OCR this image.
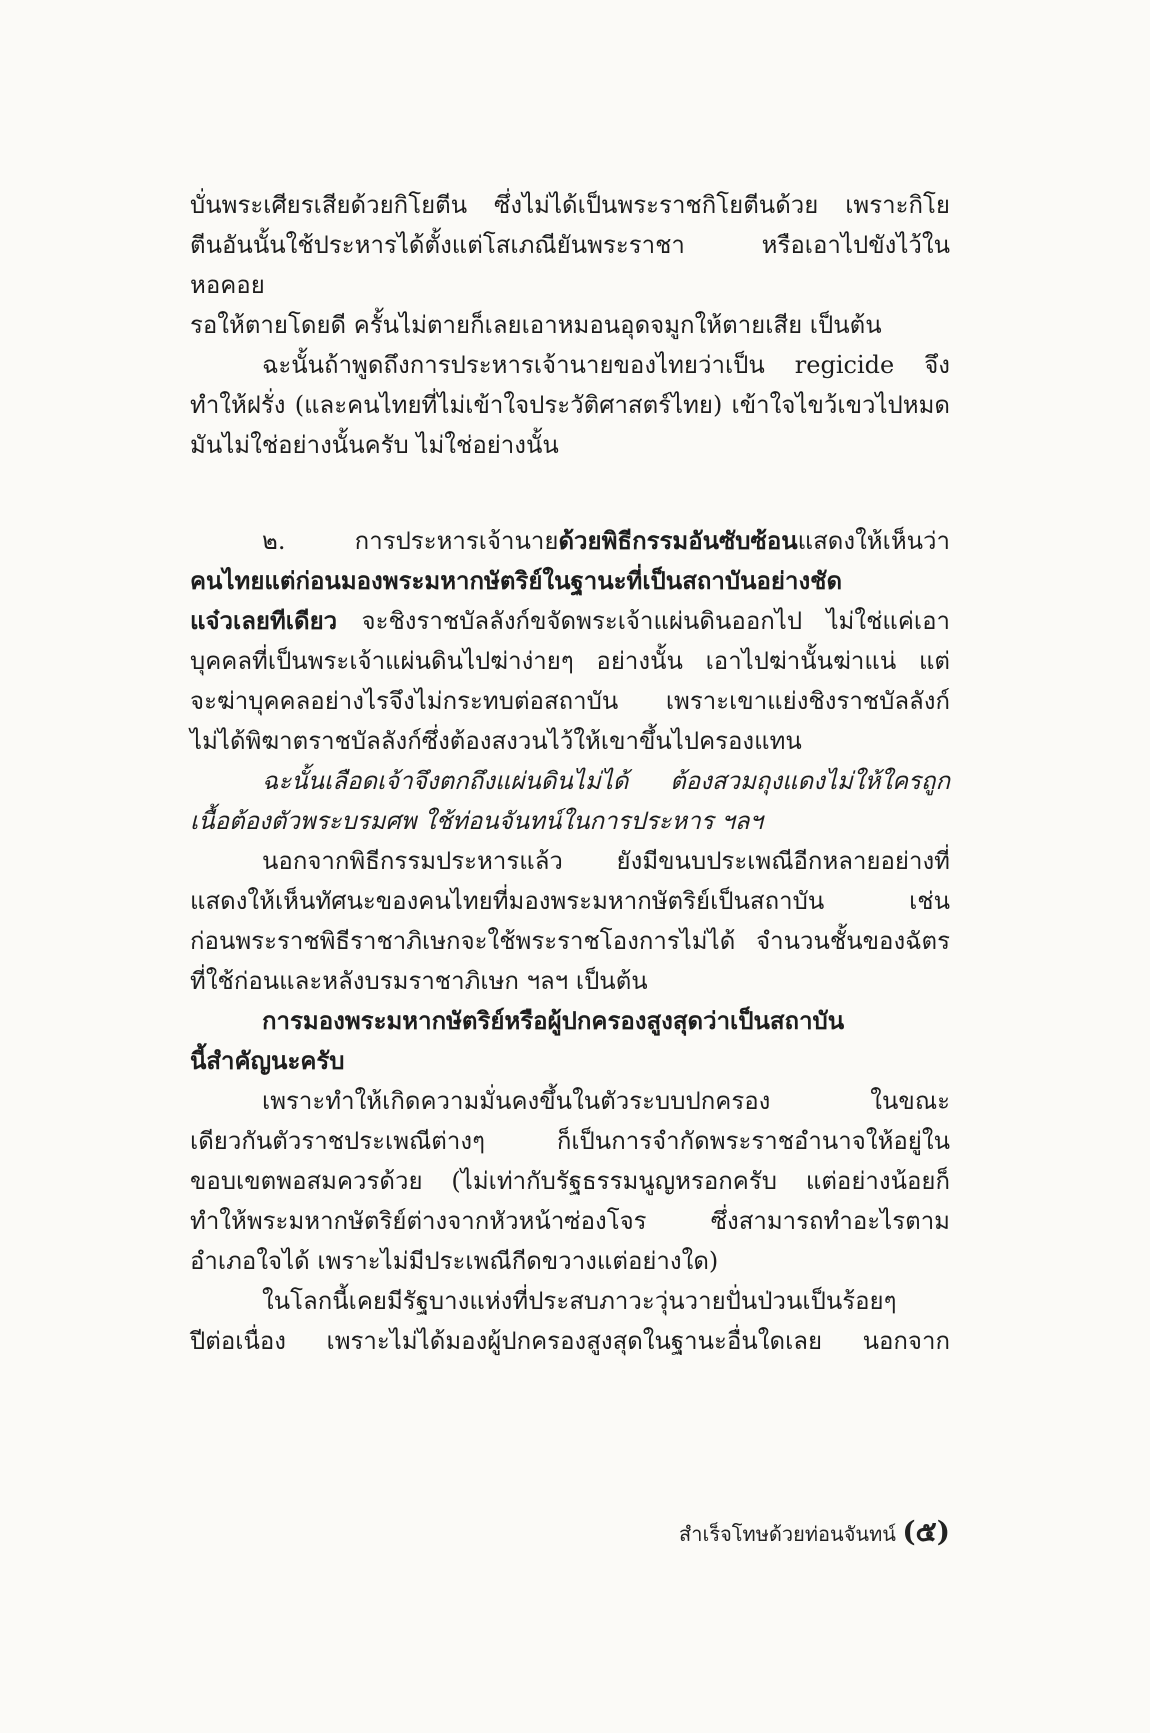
บั่นพระเศียรเสียด้วยกิโยตีน ซึ่งไม่ได้เป็นพระราชกิโยตีนด้วย เพราะกิโย

ตีนอันนั้นใช้ประหารได้ตั้งแต่โสเภณียันพระราชา หรือเอาไปขังไว้ในหอคอย

รอให้ตายโดยดี ครั้นไม่ตายก็เลยเอาหมอนอุดจมูกให้ตายเสีย เป็นต้น

ฉะนั้นถ้าพูดถึงการประหารเจ้านายของไทยว่าเป็น regicide จึง

ทำให้ฝรั่ง (และคนไทยที่ไม่เข้าใจประวัติศาสตร์ไทย) เข้าใจไขว้เขวไปหมด

มันไม่ใช่อย่างนั้นครับ ไม่ใช่อย่างนั้น

๒. การประหารเจ้านายด้วยพิธีกรรมอันซับซ้อนแสดงให้เห็นว่า

คนไทยแต่ก่อนมองพระมหากษัตริย์ในฐานะที่เป็นสถาบันอย่างชัด

แจ๋วเลยทีเดียว จะชิงราชบัลลังก์ขจัดพระเจ้าแผ่นดินออกไป ไม่ใช่แค่เอา

บุคคลที่เป็นพระเจ้าแผ่นดินไปฆ่าง่ายๆ อย่างนั้น เอาไปฆ่านั้นฆ่าแน่ แต่

จะฆ่าบุคคลอย่างไรจึงไม่กระทบต่อสถาบัน เพราะเขาแย่งชิงราชบัลลังก์

ไม่ได้พิฆาตราชบัลลังก์ซึ่งต้องสงวนไว้ให้เขาขึ้นไปครองแทน

ฉะนั้นเลือดเจ้าจึงตกถึงแผ่นดินไม่ได้ ต้องสวมถุงแดงไม่ให้ใครถูก

เนื้อต้องตัวพระบรมศพ ใช้ท่อนจันทน์ในการประหาร ฯลฯ

นอกจากพิธีกรรมประหารแล้ว ยังมีขนบประเพณีอีกหลายอย่างที่

แสดงให้เห็นทัศนะของคนไทยที่มองพระมหากษัตริย์เป็นสถาบัน เช่น

ก่อนพระราชพิธีราชาภิเษกจะใช้พระราชโองการไม่ได้ จำนวนชั้นของฉัตร

ที่ใช้ก่อนและหลังบรมราชาภิเษก ฯลฯ เป็นต้น

การมองพระมหากษัตริย์หรือผู้ปกครองสูงสุดว่าเป็นสถาบัน

นี้สำคัญนะครับ

เพราะทำให้เกิดความมั่นคงขึ้นในตัวระบบปกครอง ในขณะ

เดียวกันตัวราชประเพณีต่างๆ ก็เป็นการจำกัดพระราชอำนาจให้อยู่ใน

ขอบเขตพอสมควรด้วย (ไม่เท่ากับรัฐธรรมนูญหรอกครับ แต่อย่างน้อยก็

ทำให้พระมหากษัตริย์ต่างจากหัวหน้าซ่องโจร ซึ่งสามารถทำอะไรตาม

อำเภอใจได้ เพราะไม่มีประเพณีกีดขวางแต่อย่างใด)

ในโลกนี้เคยมีรัฐบางแห่งที่ประสบภาวะวุ่นวายปั่นป่วนเป็นร้อยๆ

ปีต่อเนื่อง เพราะไม่ได้มองผู้ปกครองสูงสุดในฐานะอื่นใดเลย นอกจาก

สำเร็จโทษด้วยท่อนจันทน์ (๕)
